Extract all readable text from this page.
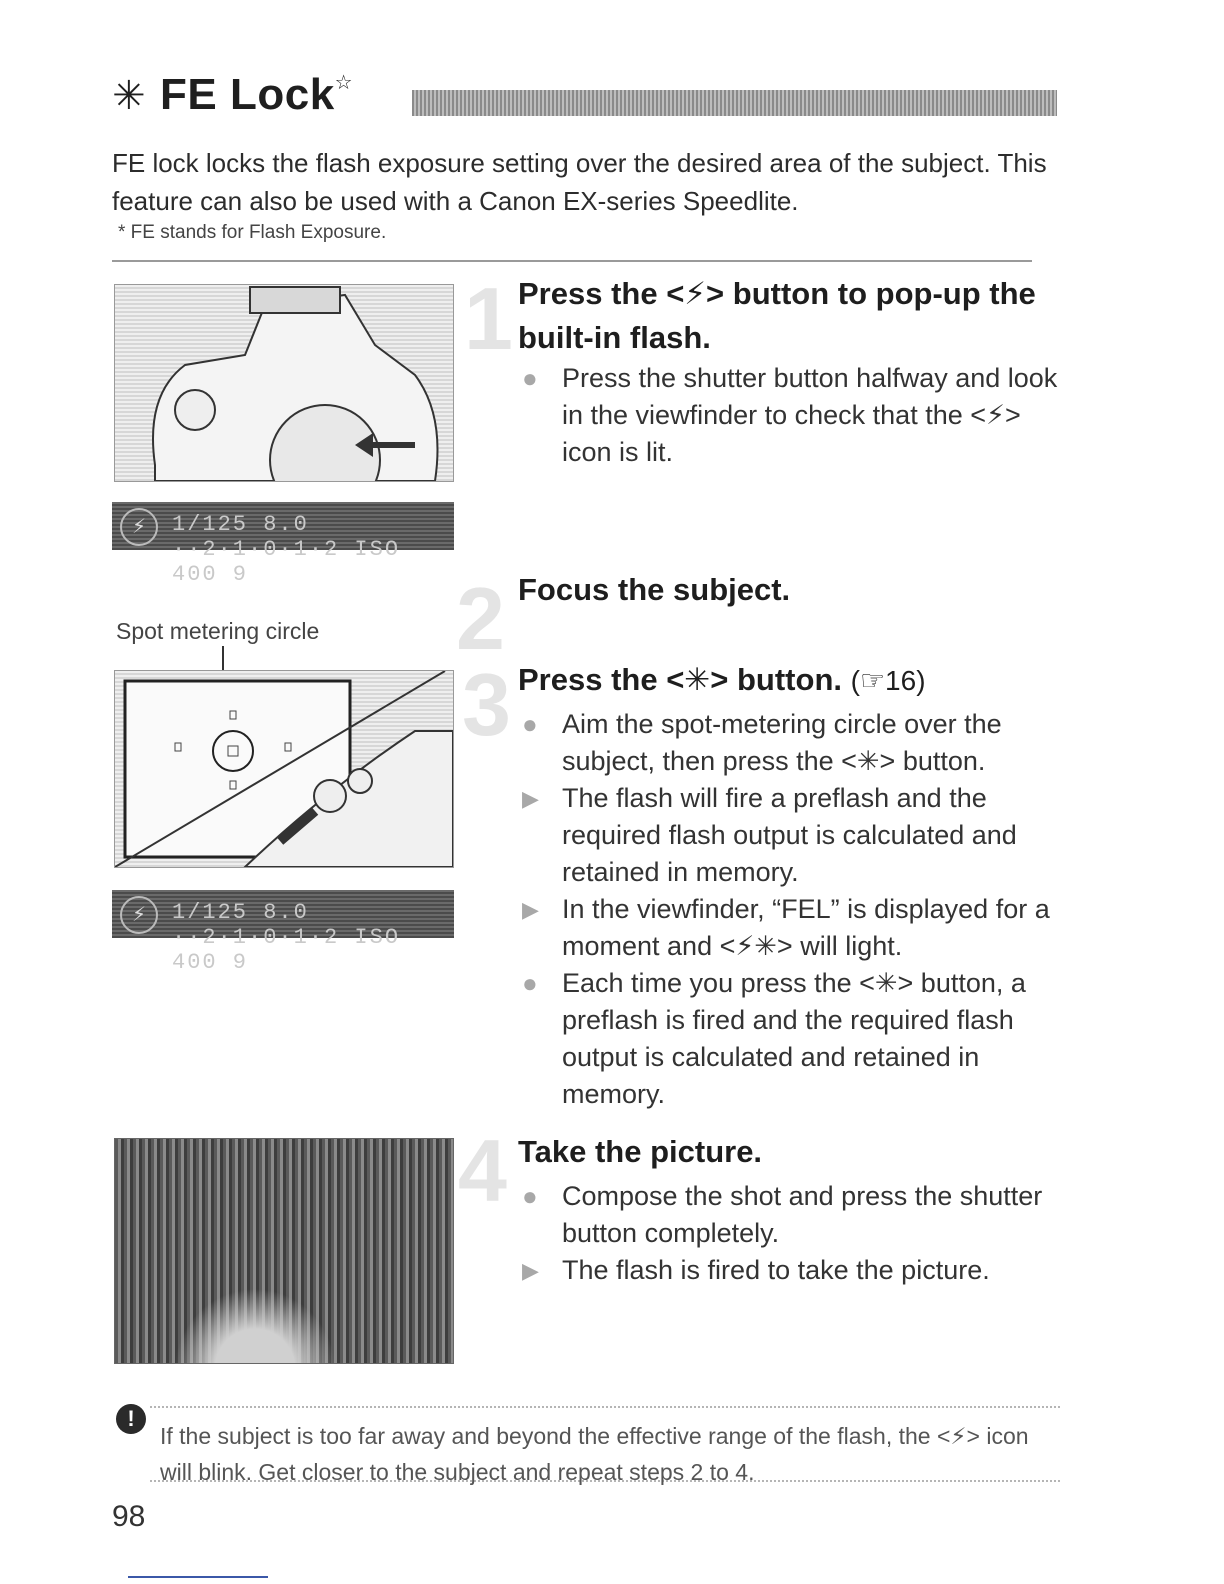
✳ FE Lock☆
FE lock locks the flash exposure setting over the desired area of the subject. This feature can also be used with a Canon EX-series Speedlite.
* FE stands for Flash Exposure.
⚡	1/125 8.0 ··2·1·0·1·2 ISO 400 9
Spot metering circle
⚡	1/125 8.0 ··2·1·0·1·2 ISO 400 9
1 Press the <⚡> button to pop-up the built-in flash.
● Press the shutter button halfway and look in the viewfinder to check that the <⚡> icon is lit.
2 Focus the subject.
3 Press the <✳> button. (☞16)
● Aim the spot-metering circle over the subject, then press the <✳> button.
▶ The flash will fire a preflash and the required flash output is calculated and retained in memory.
▶ In the viewfinder, “FEL” is displayed for a moment and <⚡✳> will light.
● Each time you press the <✳> button, a preflash is fired and the required flash output is calculated and retained in memory.
4 Take the picture.
● Compose the shot and press the shutter button completely.
▶ The flash is fired to take the picture.
!
If the subject is too far away and beyond the effective range of the flash, the <⚡> icon will blink. Get closer to the subject and repeat steps 2 to 4.
98
